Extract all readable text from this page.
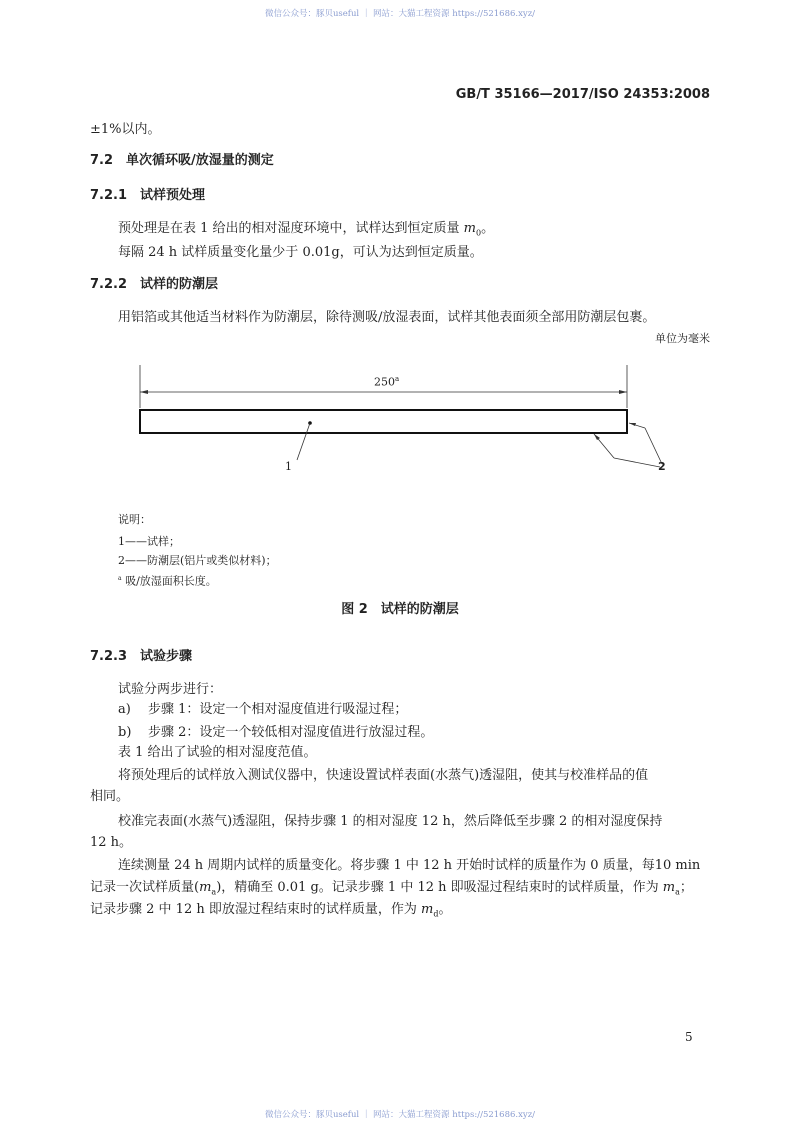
微信公众号：豚贝useful ｜ 网站：大猫工程资源 https://521686.xyz/
GB/T 35166—2017/ISO 24353:2008
±1%以内。
7.2　 单次循环吸/放湿量的测定
7.2.1　 试样预处理
预处理是在表 1 给出的相对湿度环境中，试样达到恒定质量 $m_0$。
每隔 24 h 试样质量变化量少于 0.01g，可认为达到恒定质量。
7.2.2　 试样的防潮层
用铝箔或其他适当材料作为防潮层，除待测吸/放湿表面，试样其他表面须全部用防潮层包裹。
单位为毫米
250$^a$
1	2
说明：
1——试样；
2——防潮层(铝片或类似材料)；
$^a$ 吸/放湿面积长度。
图 2　试样的防潮层
7.2.3　 试验步骤
试验分两步进行：
a) 步骤 1：设定一个相对湿度值进行吸湿过程；
b) 步骤 2：设定一个较低相对湿度值进行放湿过程。
表 1 给出了试验的相对湿度范值。
将预处理后的试样放入测试仪器中，快速设置试样表面(水蒸气)透湿阻，使其与校准样品的值
相同。
校准完表面(水蒸气)透湿阻，保持步骤 1 的相对湿度 12 h，然后降低至步骤 2 的相对湿度保持
12 h。
连续测量 24 h 周期内试样的质量变化。将步骤 1 中 12 h 开始时试样的质量作为 0 质量，每10 min
记录一次试样质量$(m_a)$，精确至 0.01 g。记录步骤 1 中 12 h 即吸湿过程结束时的试样质量，作为 $m_a$；
记录步骤 2 中 12 h 即放湿过程结束时的试样质量，作为 $m_d$。
5
微信公众号：豚贝useful ｜ 网站：大猫工程资源 https://521686.xyz/
